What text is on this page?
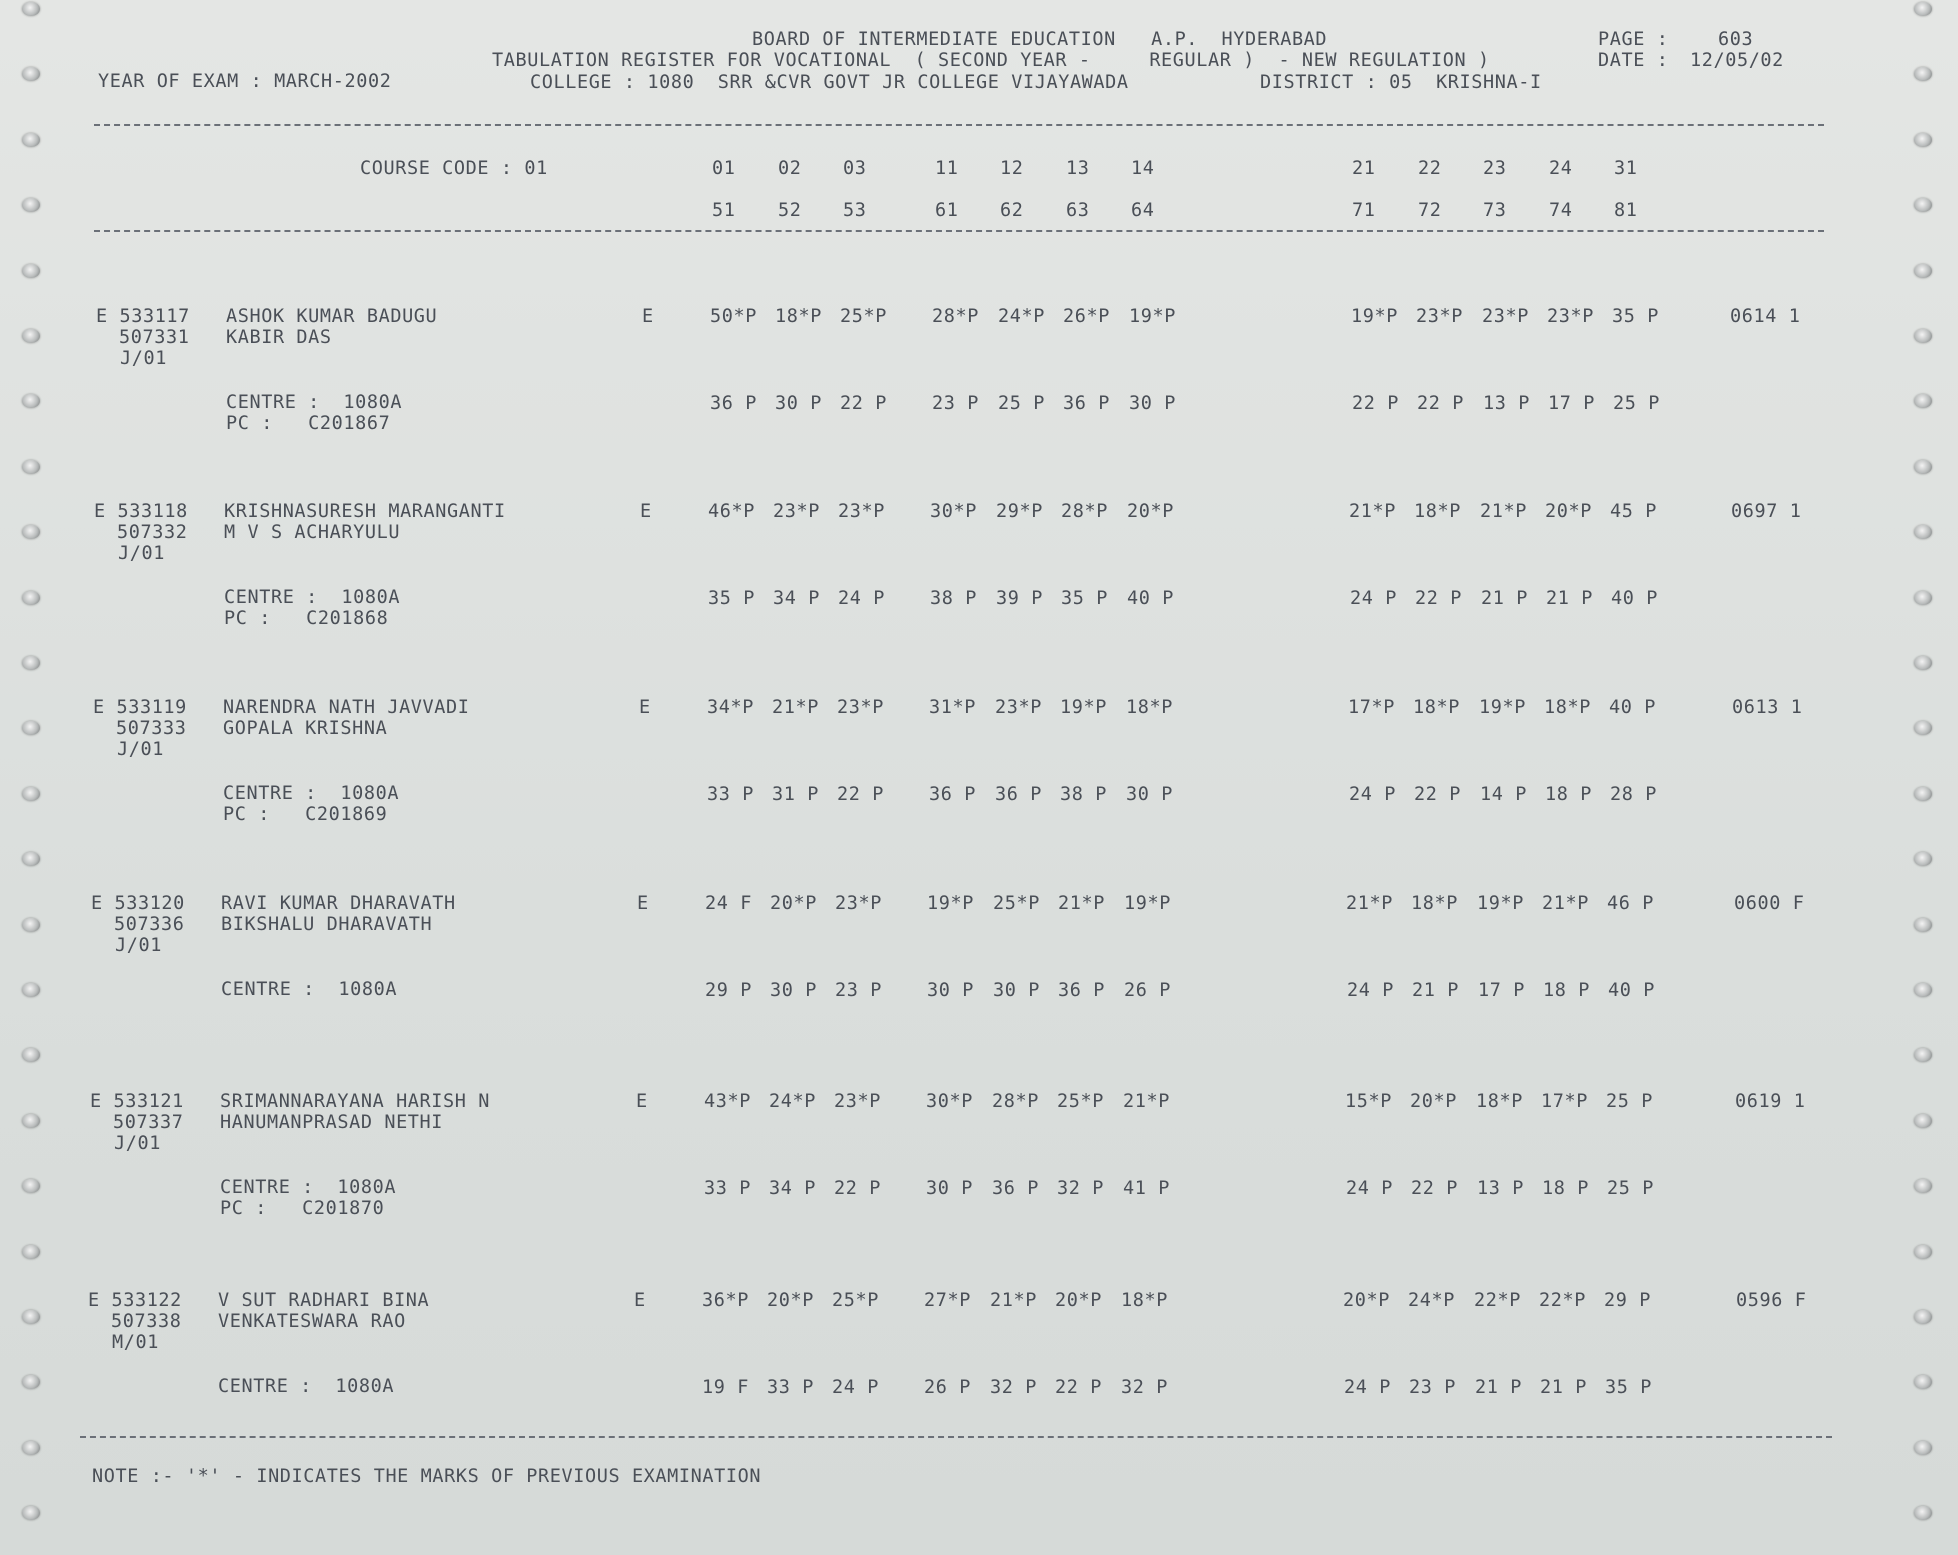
BOARD OF INTERMEDIATE EDUCATION   A.P.  HYDERABAD	PAGE :	603
TABULATION REGISTER FOR VOCATIONAL  ( SECOND YEAR -     REGULAR )  - NEW REGULATION )	DATE : 12/05/02
YEAR OF EXAM : MARCH-2002	COLLEGE : 1080  SRR &CVR GOVT JR COLLEGE VIJAYAWADA	DISTRICT : 05  KRISHNA-I
COURSE CODE : 01	01 02 03	11 12 13 14	21 22 23 24 31
51 52 53	61 62 63 64	71 72 73 74 81
E 533117 ASHOK KUMAR BADUGU	E	50*P 18*P 25*P 28*P 24*P 26*P 19*P	19*P 23*P 23*P 23*P 35 P	0614 1
507331 KABIR DAS
J/01
CENTRE :  1080A
PC :   C201867
36 P 30 P 22 P 23 P 25 P 36 P 30 P	22 P 22 P 13 P 17 P 25 P
E 533118 KRISHNASURESH MARANGANTI	E	46*P 23*P 23*P 30*P 29*P 28*P 20*P	21*P 18*P 21*P 20*P 45 P	0697 1
507332 M V S ACHARYULU
J/01
CENTRE :  1080A
PC :   C201868
35 P 34 P 24 P 38 P 39 P 35 P 40 P	24 P 22 P 21 P 21 P 40 P
E 533119 NARENDRA NATH JAVVADI	E	34*P 21*P 23*P 31*P 23*P 19*P 18*P	17*P 18*P 19*P 18*P 40 P	0613 1
507333 GOPALA KRISHNA
J/01
CENTRE :  1080A
PC :   C201869
33 P 31 P 22 P 36 P 36 P 38 P 30 P	24 P 22 P 14 P 18 P 28 P
E 533120 RAVI KUMAR DHARAVATH	E	24 F 20*P 23*P 19*P 25*P 21*P 19*P	21*P 18*P 19*P 21*P 46 P	0600 F
507336 BIKSHALU DHARAVATH
J/01
CENTRE :  1080A	29 P 30 P 23 P 30 P 30 P 36 P 26 P	24 P 21 P 17 P 18 P 40 P
E 533121 SRIMANNARAYANA HARISH N	E	43*P 24*P 23*P 30*P 28*P 25*P 21*P	15*P 20*P 18*P 17*P 25 P	0619 1
507337 HANUMANPRASAD NETHI
J/01
CENTRE :  1080A
PC :   C201870
33 P 34 P 22 P 30 P 36 P 32 P 41 P	24 P 22 P 13 P 18 P 25 P
E 533122 V SUT RADHARI BINA	E	36*P 20*P 25*P 27*P 21*P 20*P 18*P	20*P 24*P 22*P 22*P 29 P	0596 F
507338 VENKATESWARA RAO
M/01
CENTRE :  1080A	19 F 33 P 24 P 26 P 32 P 22 P 32 P	24 P 23 P 21 P 21 P 35 P
NOTE :- '*' - INDICATES THE MARKS OF PREVIOUS EXAMINATION
